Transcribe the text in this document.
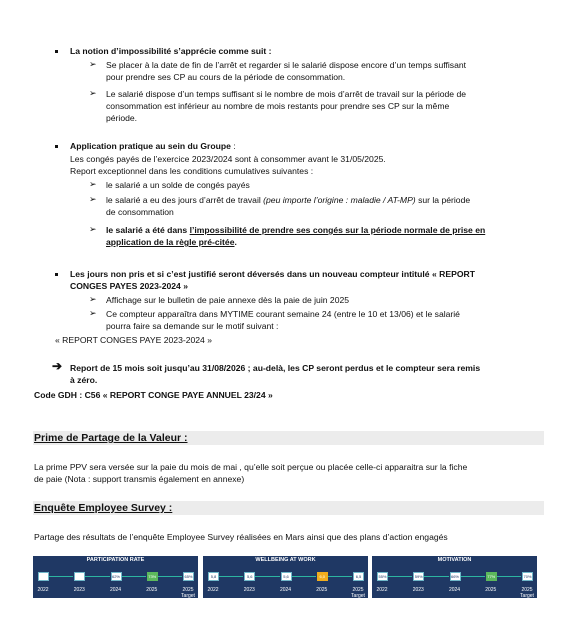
La notion d’impossibilité s’apprécie comme suit :
➢ Se placer à la date de fin de l’arrêt et regarder si le salarié dispose encore d’un temps suffisant
pour prendre ses CP au cours de la période de consommation.
➢ Le salarié dispose d’un temps suffisant si le nombre de mois d’arrêt de travail sur la période de
consommation est inférieur au nombre de mois restants pour prendre ses CP sur la même
période.
Application pratique au sein du Groupe :
Les congés payés de l’exercice 2023/2024 sont à consommer avant le 31/05/2025.
Report exceptionnel dans les conditions cumulatives suivantes :
➢ le salarié a un solde de congés payés
➢ le salarié a eu des jours d’arrêt de travail (peu importe l’origine : maladie / AT-MP) sur la période
de consommation
➢ le salarié a été dans l’impossibilité de prendre ses congés sur la période normale de prise en
application de la règle pré-citée.
Les jours non pris et si c’est justifié seront déversés dans un nouveau compteur intitulé « REPORT
CONGES PAYES 2023-2024 »
➢ Affichage sur le bulletin de paie annexe dès la paie de juin 2025
➢ Ce compteur apparaîtra dans MYTIME courant semaine 24 (entre le 10 et 13/06) et le salarié
pourra faire sa demande sur le motif suivant :
« REPORT CONGES PAYE 2023-2024 »
➔ Report de 15 mois soit jusqu’au 31/08/2026 ; au-delà, les CP seront perdus et le compteur sera remis
à zéro.
Code GDH : C56 « REPORT CONGE PAYE ANNUEL 23/24 »
Prime de Partage de la Valeur :
La prime PPV sera versée sur la paie du mois de mai , qu’elle soit perçue ou placée celle-ci apparaitra sur la fiche
de paie (Nota : support transmis également en annexe)
Enquête Employee Survey :
Partage des résultats de l’enquête Employee Survey réalisées en Mars ainsi que des plans d’action engagés
PARTICIPATION RATE
2022	2023
62%
2024
73%
2025
65%
2025
Target
WELLBEING AT WORK
5,8
2022
5,6
2023
5,6
2024
6,0
2025
6,5
2025
Target
MOTIVATION
55%
2022
59%
2023
66%
2024
77%
2025
70%
2025
Target
